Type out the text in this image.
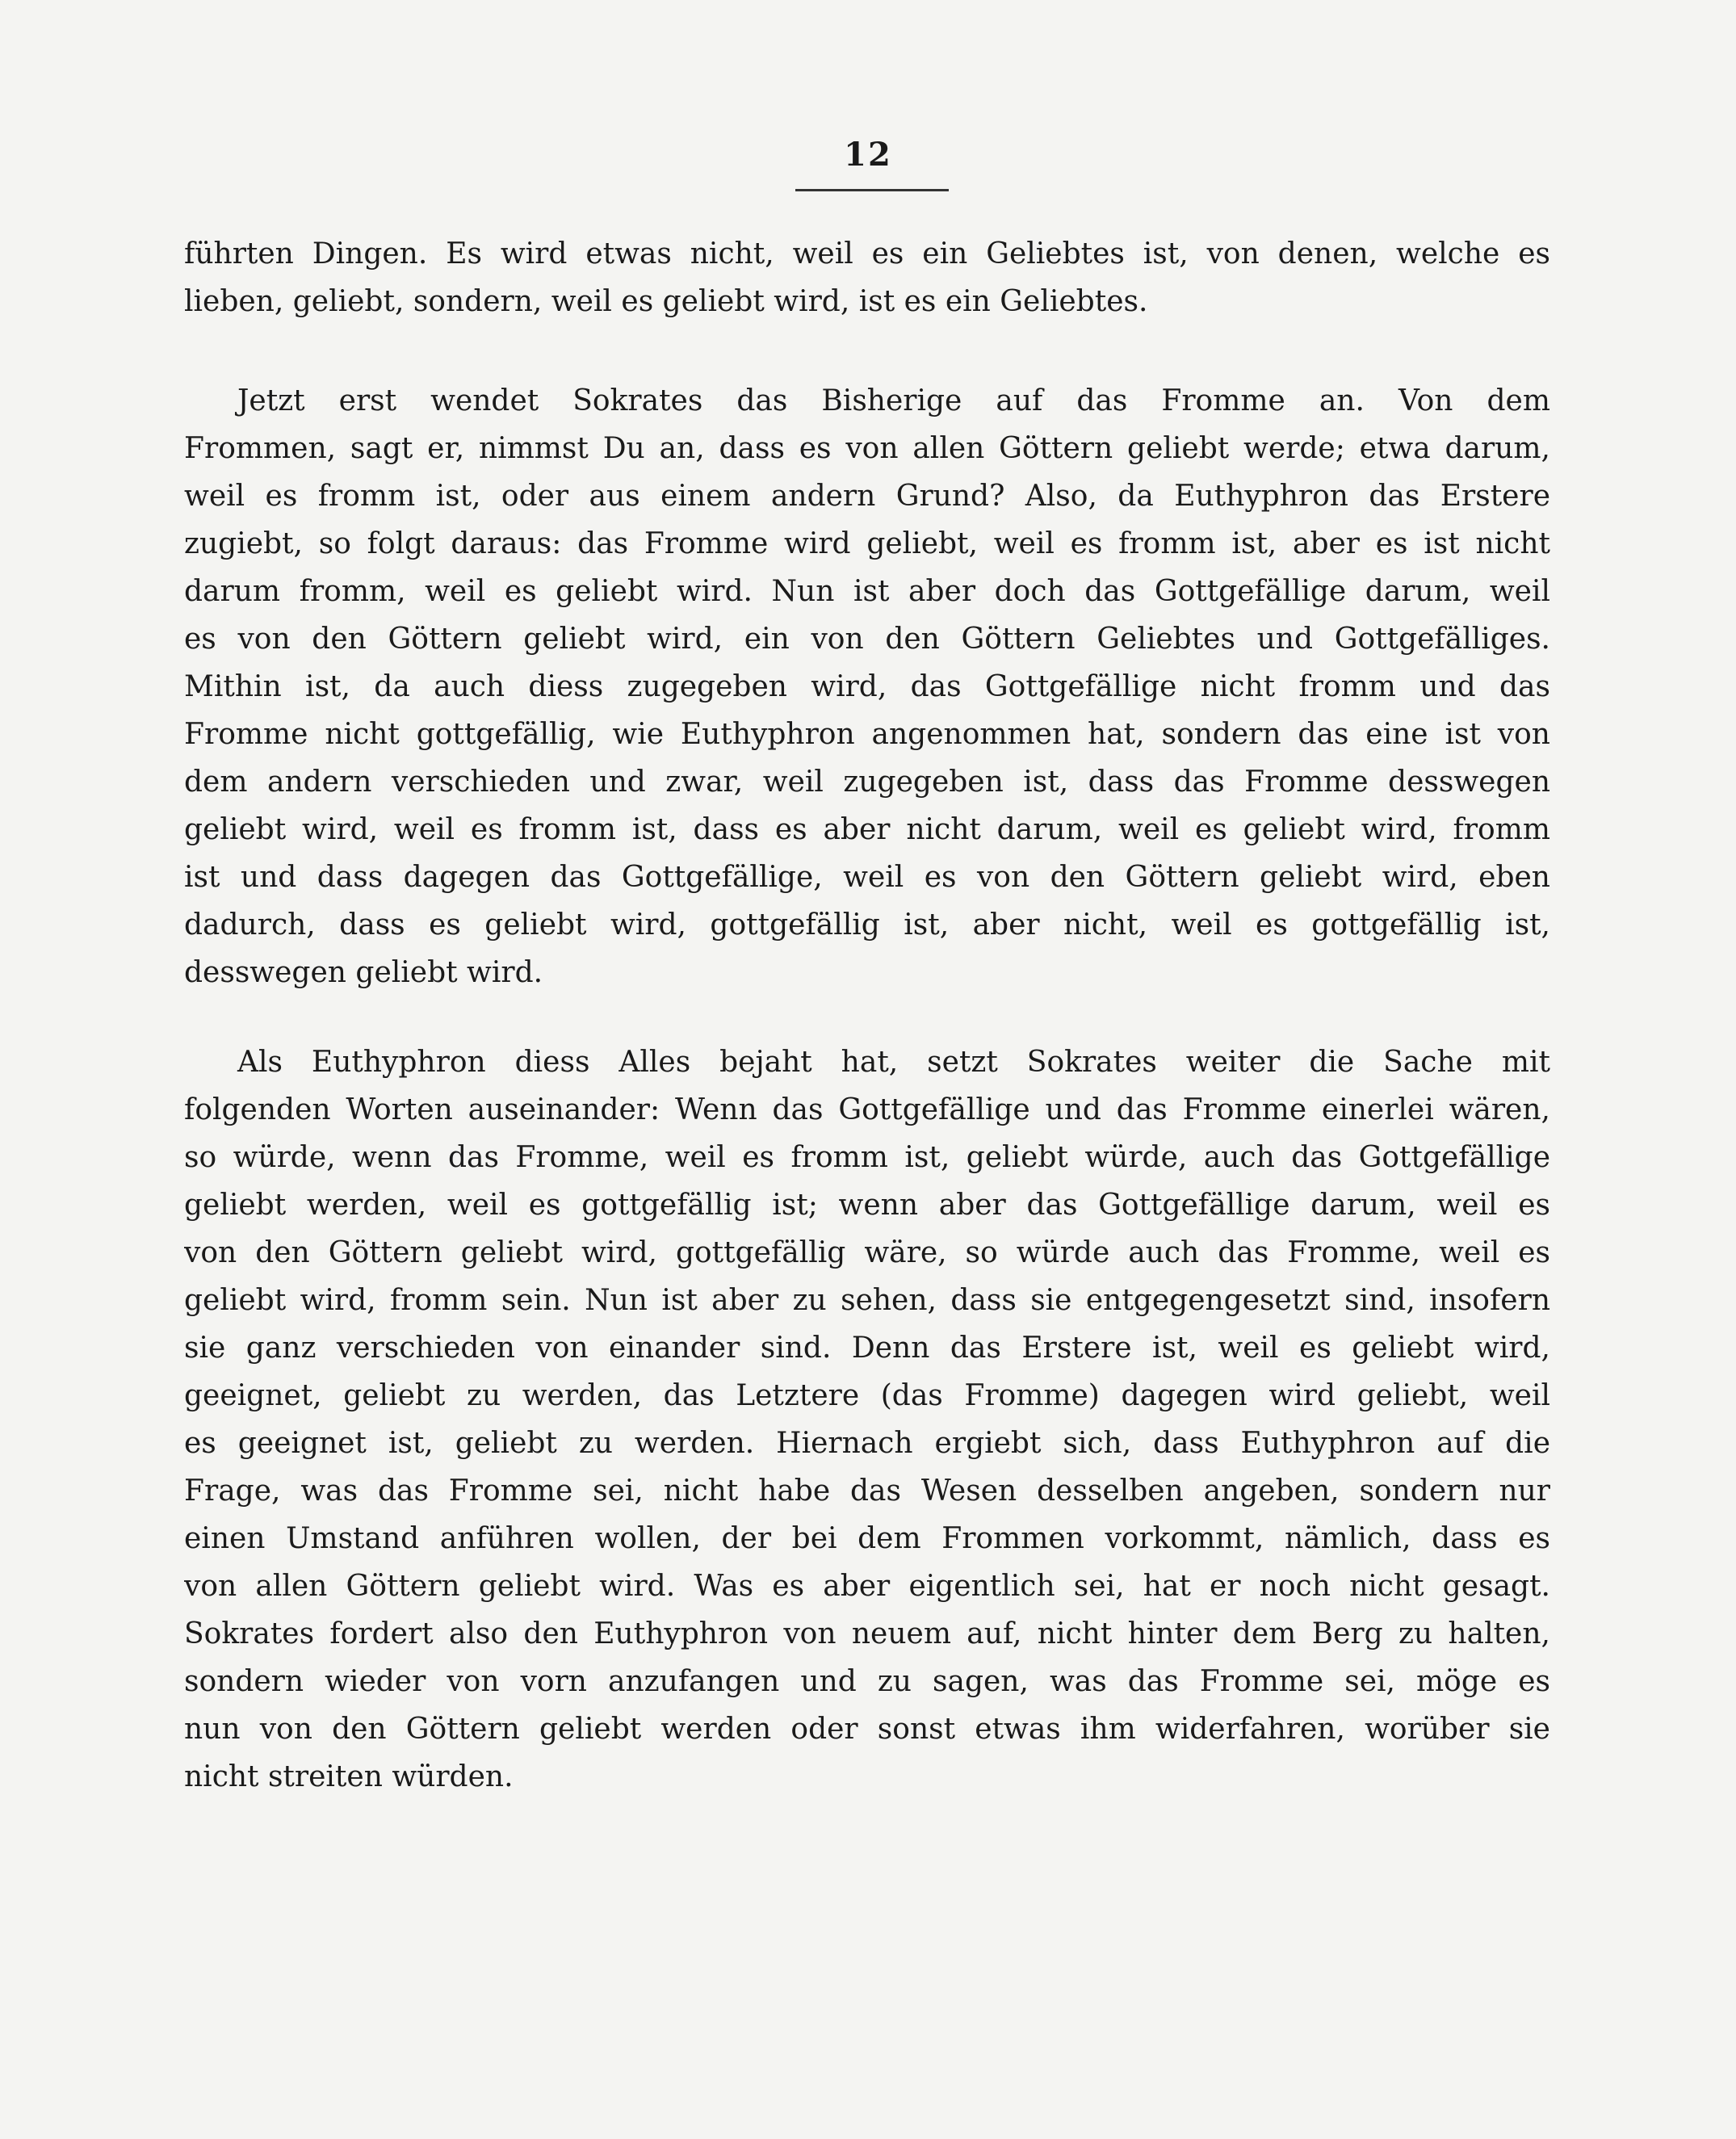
12
führten Dingen. Es wird etwas nicht, weil es ein Geliebtes ist, von denen, welche es
lieben, geliebt, sondern, weil es geliebt wird, ist es ein Geliebtes.
Jetzt erst wendet Sokrates das Bisherige auf das Fromme an. Von dem
Frommen, sagt er, nimmst Du an, dass es von allen Göttern geliebt werde; etwa darum,
weil es fromm ist, oder aus einem andern Grund? Also, da Euthyphron das Erstere
zugiebt, so folgt daraus: das Fromme wird geliebt, weil es fromm ist, aber es ist nicht
darum fromm, weil es geliebt wird. Nun ist aber doch das Gottgefällige darum, weil
es von den Göttern geliebt wird, ein von den Göttern Geliebtes und Gottgefälliges.
Mithin ist, da auch diess zugegeben wird, das Gottgefällige nicht fromm und das
Fromme nicht gottgefällig, wie Euthyphron angenommen hat, sondern das eine ist von
dem andern verschieden und zwar, weil zugegeben ist, dass das Fromme desswegen
geliebt wird, weil es fromm ist, dass es aber nicht darum, weil es geliebt wird, fromm
ist und dass dagegen das Gottgefällige, weil es von den Göttern geliebt wird, eben
dadurch, dass es geliebt wird, gottgefällig ist, aber nicht, weil es gottgefällig ist,
desswegen geliebt wird.
Als Euthyphron diess Alles bejaht hat, setzt Sokrates weiter die Sache mit
folgenden Worten auseinander: Wenn das Gottgefällige und das Fromme einerlei wären,
so würde, wenn das Fromme, weil es fromm ist, geliebt würde, auch das Gottgefällige
geliebt werden, weil es gottgefällig ist; wenn aber das Gottgefällige darum, weil es
von den Göttern geliebt wird, gottgefällig wäre, so würde auch das Fromme, weil es
geliebt wird, fromm sein. Nun ist aber zu sehen, dass sie entgegengesetzt sind, insofern
sie ganz verschieden von einander sind. Denn das Erstere ist, weil es geliebt wird,
geeignet, geliebt zu werden, das Letztere (das Fromme) dagegen wird geliebt, weil
es geeignet ist, geliebt zu werden. Hiernach ergiebt sich, dass Euthyphron auf die
Frage, was das Fromme sei, nicht habe das Wesen desselben angeben, sondern nur
einen Umstand anführen wollen, der bei dem Frommen vorkommt, nämlich, dass es
von allen Göttern geliebt wird. Was es aber eigentlich sei, hat er noch nicht gesagt.
Sokrates fordert also den Euthyphron von neuem auf, nicht hinter dem Berg zu halten,
sondern wieder von vorn anzufangen und zu sagen, was das Fromme sei, möge es
nun von den Göttern geliebt werden oder sonst etwas ihm widerfahren, worüber sie
nicht streiten würden.
